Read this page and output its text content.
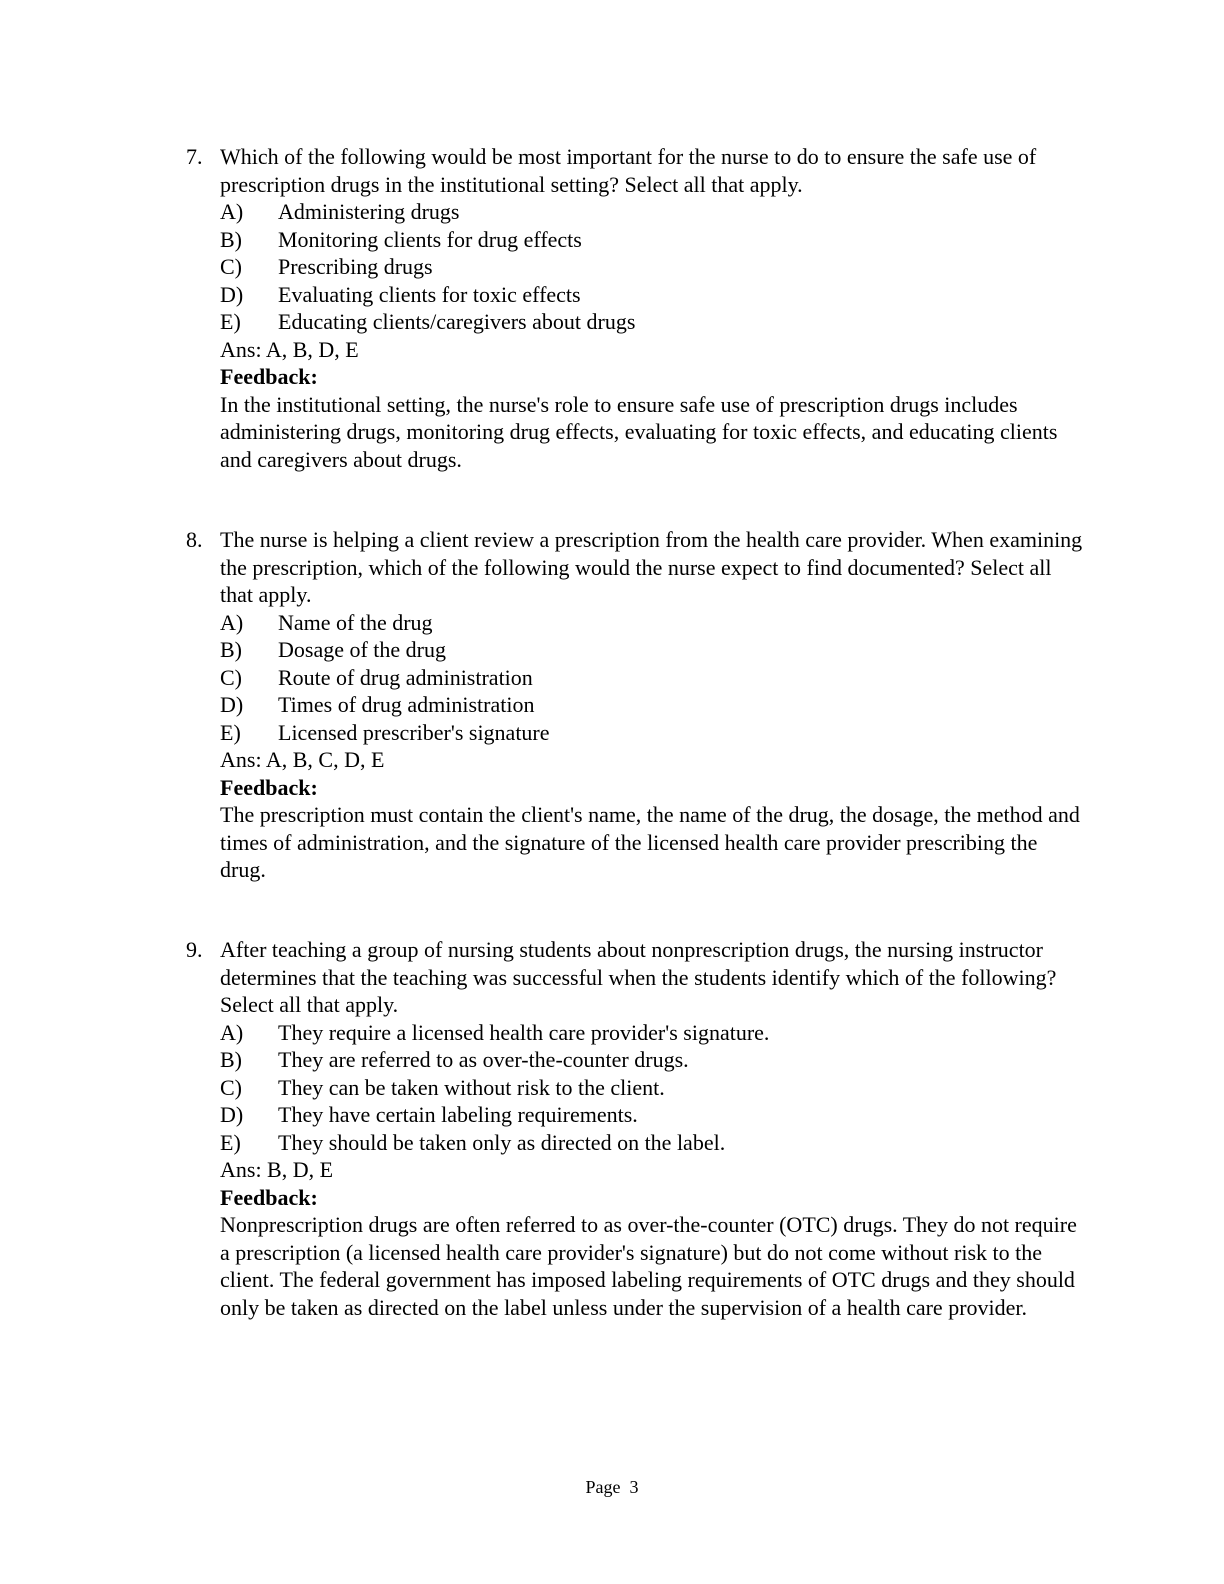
7. Which of the following would be most important for the nurse to do to ensure the safe use of prescription drugs in the institutional setting? Select all that apply.

A)	Administering drugs
B)	Monitoring clients for drug effects
C)	Prescribing drugs
D)	Evaluating clients for toxic effects
E)	Educating clients/caregivers about drugs

Ans: A, B, D, E

Feedback:

In the institutional setting, the nurse's role to ensure safe use of prescription drugs includes administering drugs, monitoring drug effects, evaluating for toxic effects, and educating clients and caregivers about drugs.

8. The nurse is helping a client review a prescription from the health care provider. When examining the prescription, which of the following would the nurse expect to find documented? Select all that apply.

A)	Name of the drug
B)	Dosage of the drug
C)	Route of drug administration
D)	Times of drug administration
E)	Licensed prescriber's signature

Ans: A, B, C, D, E

Feedback:

The prescription must contain the client's name, the name of the drug, the dosage, the method and times of administration, and the signature of the licensed health care provider prescribing the drug.

9. After teaching a group of nursing students about nonprescription drugs, the nursing instructor determines that the teaching was successful when the students identify which of the following? Select all that apply.

A)	They require a licensed health care provider's signature.
B)	They are referred to as over-the-counter drugs.
C)	They can be taken without risk to the client.
D)	They have certain labeling requirements.
E)	They should be taken only as directed on the label.

Ans: B, D, E

Feedback:

Nonprescription drugs are often referred to as over-the-counter (OTC) drugs. They do not require a prescription (a licensed health care provider's signature) but do not come without risk to the client. The federal government has imposed labeling requirements of OTC drugs and they should only be taken as directed on the label unless under the supervision of a health care provider.

Page  3
